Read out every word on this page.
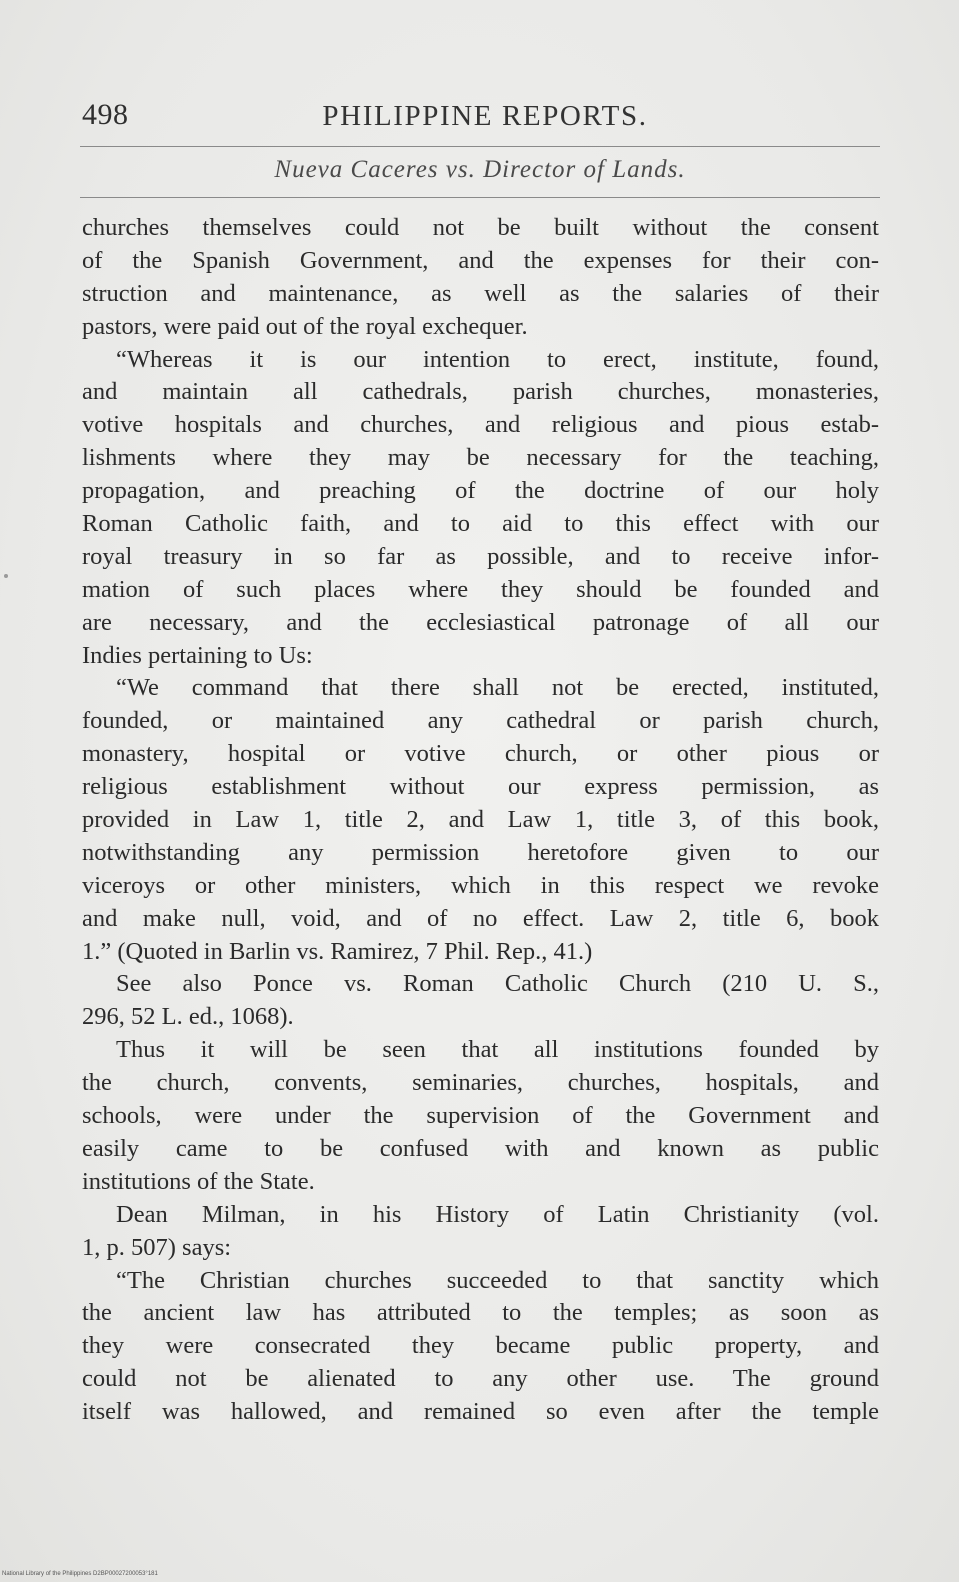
498	PHILIPPINE REPORTS.
Nueva Caceres vs. Director of Lands.
churches themselves could not be built without the consent
of the Spanish Government, and the expenses for their con-
struction and maintenance, as well as the salaries of their
pastors, were paid out of the royal exchequer.
“Whereas it is our intention to erect, institute, found,
and maintain all cathedrals, parish churches, monasteries,
votive hospitals and churches, and religious and pious estab-
lishments where they may be necessary for the teaching,
propagation, and preaching of the doctrine of our holy
Roman Catholic faith, and to aid to this effect with our
royal treasury in so far as possible, and to receive infor-
mation of such places where they should be founded and
are necessary, and the ecclesiastical patronage of all our
Indies pertaining to Us:
“We command that there shall not be erected, instituted,
founded, or maintained any cathedral or parish church,
monastery, hospital or votive church, or other pious or
religious establishment without our express permission, as
provided in Law 1, title 2, and Law 1, title 3, of this book,
notwithstanding any permission heretofore given to our
viceroys or other ministers, which in this respect we revoke
and make null, void, and of no effect. Law 2, title 6, book
1.” (Quoted in Barlin vs. Ramirez, 7 Phil. Rep., 41.)
See also Ponce vs. Roman Catholic Church (210 U. S.,
296, 52 L. ed., 1068).
Thus it will be seen that all institutions founded by
the church, convents, seminaries, churches, hospitals, and
schools, were under the supervision of the Government and
easily came to be confused with and known as public
institutions of the State.
Dean Milman, in his History of Latin Christianity (vol.
1, p. 507) says:
“The Christian churches succeeded to that sanctity which
the ancient law has attributed to the temples; as soon as
they were consecrated they became public property, and
could not be alienated to any other use. The ground
itself was hallowed, and remained so even after the temple
National Library of the Philippines D2BP00027200053°181
